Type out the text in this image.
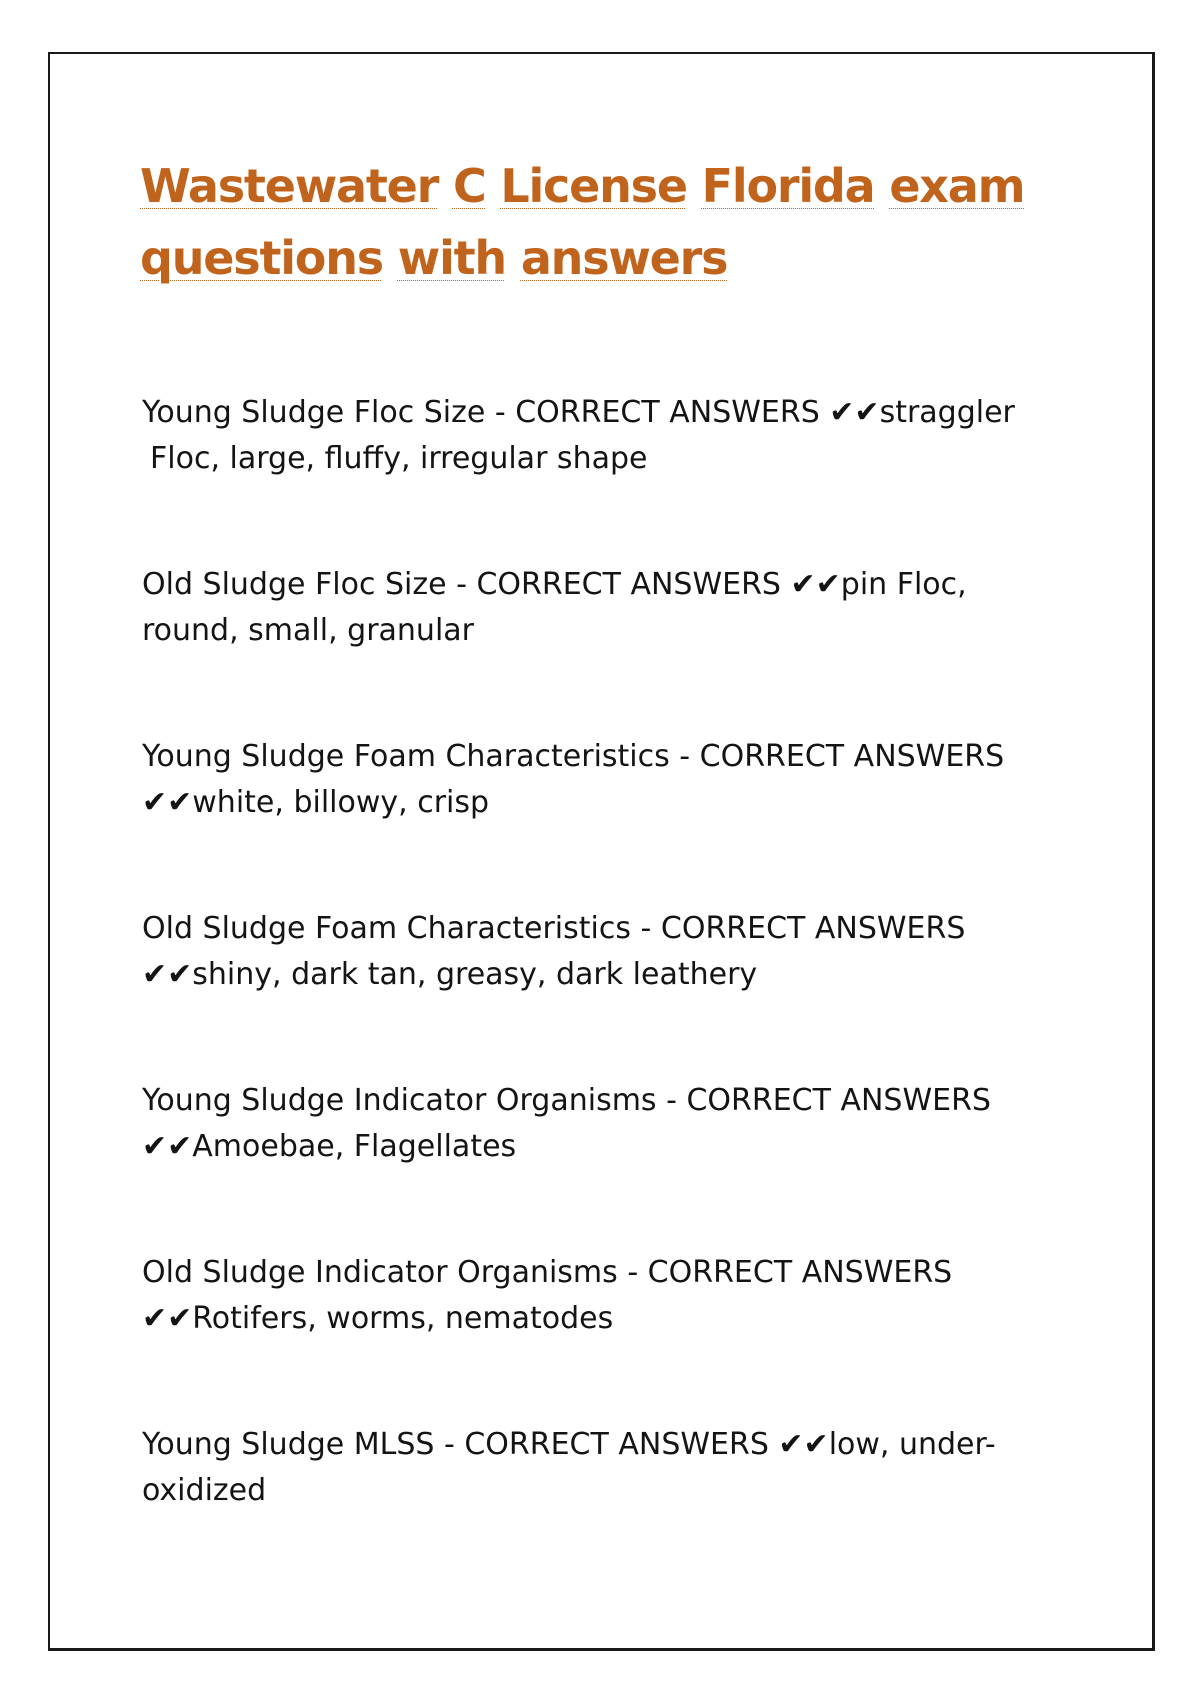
Wastewater C License Florida exam
questions with answers

Young Sludge Floc Size - CORRECT ANSWERS ✔✔straggler
Floc, large, fluffy, irregular shape

Old Sludge Floc Size - CORRECT ANSWERS ✔✔pin Floc,
round, small, granular

Young Sludge Foam Characteristics - CORRECT ANSWERS
✔✔white, billowy, crisp

Old Sludge Foam Characteristics - CORRECT ANSWERS
✔✔shiny, dark tan, greasy, dark leathery

Young Sludge Indicator Organisms - CORRECT ANSWERS
✔✔Amoebae, Flagellates

Old Sludge Indicator Organisms - CORRECT ANSWERS
✔✔Rotifers, worms, nematodes

Young Sludge MLSS - CORRECT ANSWERS ✔✔low, under-
oxidized
